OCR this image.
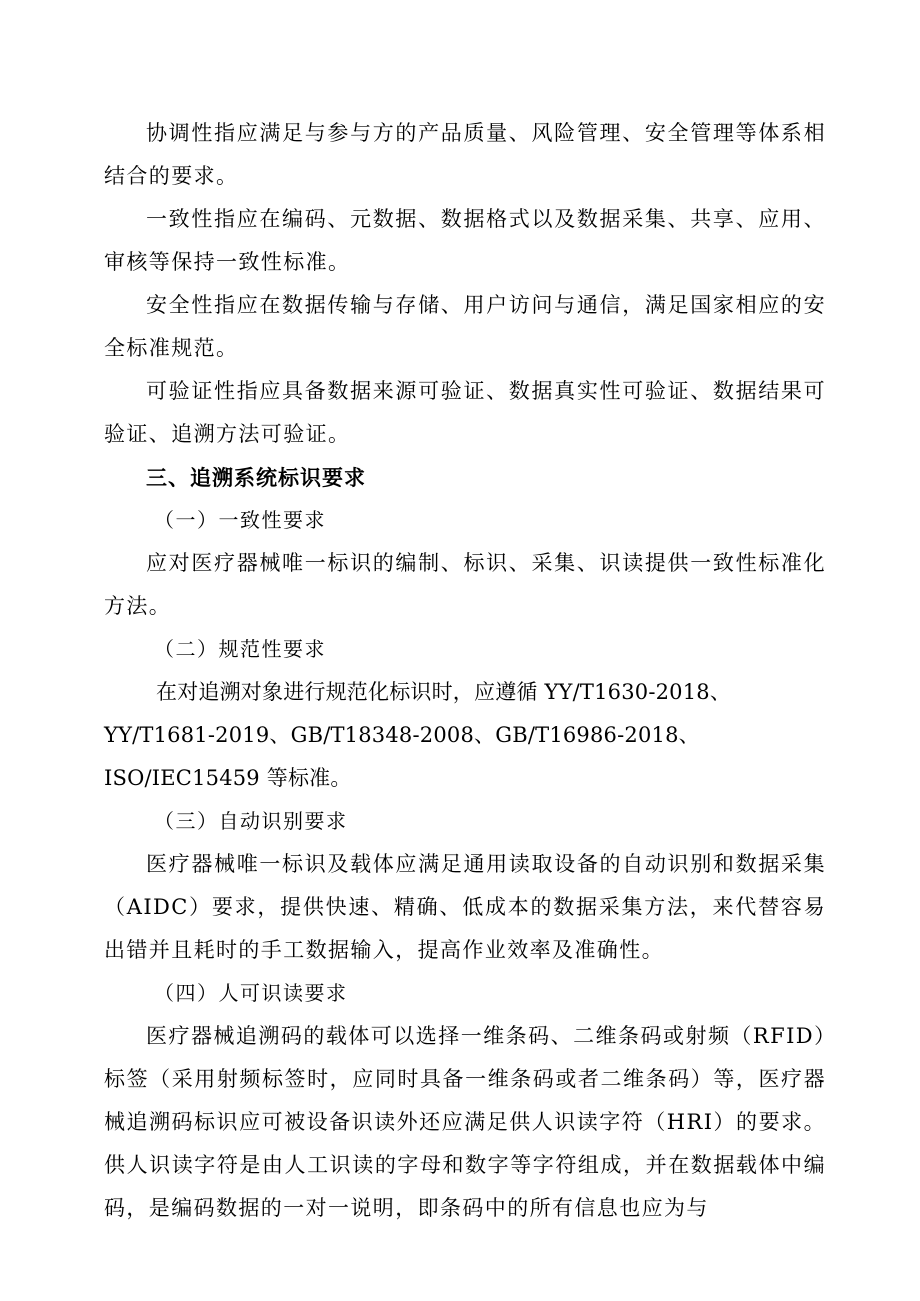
协调性指应满足与参与方的产品质量、风险管理、安全管理等体系相结合的要求。

一致性指应在编码、元数据、数据格式以及数据采集、共享、应用、审核等保持一致性标准。

安全性指应在数据传输与存储、用户访问与通信，满足国家相应的安全标准规范。

可验证性指应具备数据来源可验证、数据真实性可验证、数据结果可验证、追溯方法可验证。

三、追溯系统标识要求

（一）一致性要求

应对医疗器械唯一标识的编制、标识、采集、识读提供一致性标准化方法。

（二）规范性要求

在对追溯对象进行规范化标识时，应遵循 YY/T1630-2018、
YY/T1681-2019、GB/T18348-2008、GB/T16986-2018、
ISO/IEC15459 等标准。

（三）自动识别要求

医疗器械唯一标识及载体应满足通用读取设备的自动识别和数据采集（AIDC）要求，提供快速、精确、低成本的数据采集方法，来代替容易出错并且耗时的手工数据输入，提高作业效率及准确性。

（四）人可识读要求

医疗器械追溯码的载体可以选择一维条码、二维条码或射频（RFID）标签（采用射频标签时，应同时具备一维条码或者二维条码）等，医疗器械追溯码标识应可被设备识读外还应满足供人识读字符（HRI）的要求。供人识读字符是由人工识读的字母和数字等字符组成，并在数据载体中编码，是编码数据的一对一说明，即条码中的所有信息也应为与
